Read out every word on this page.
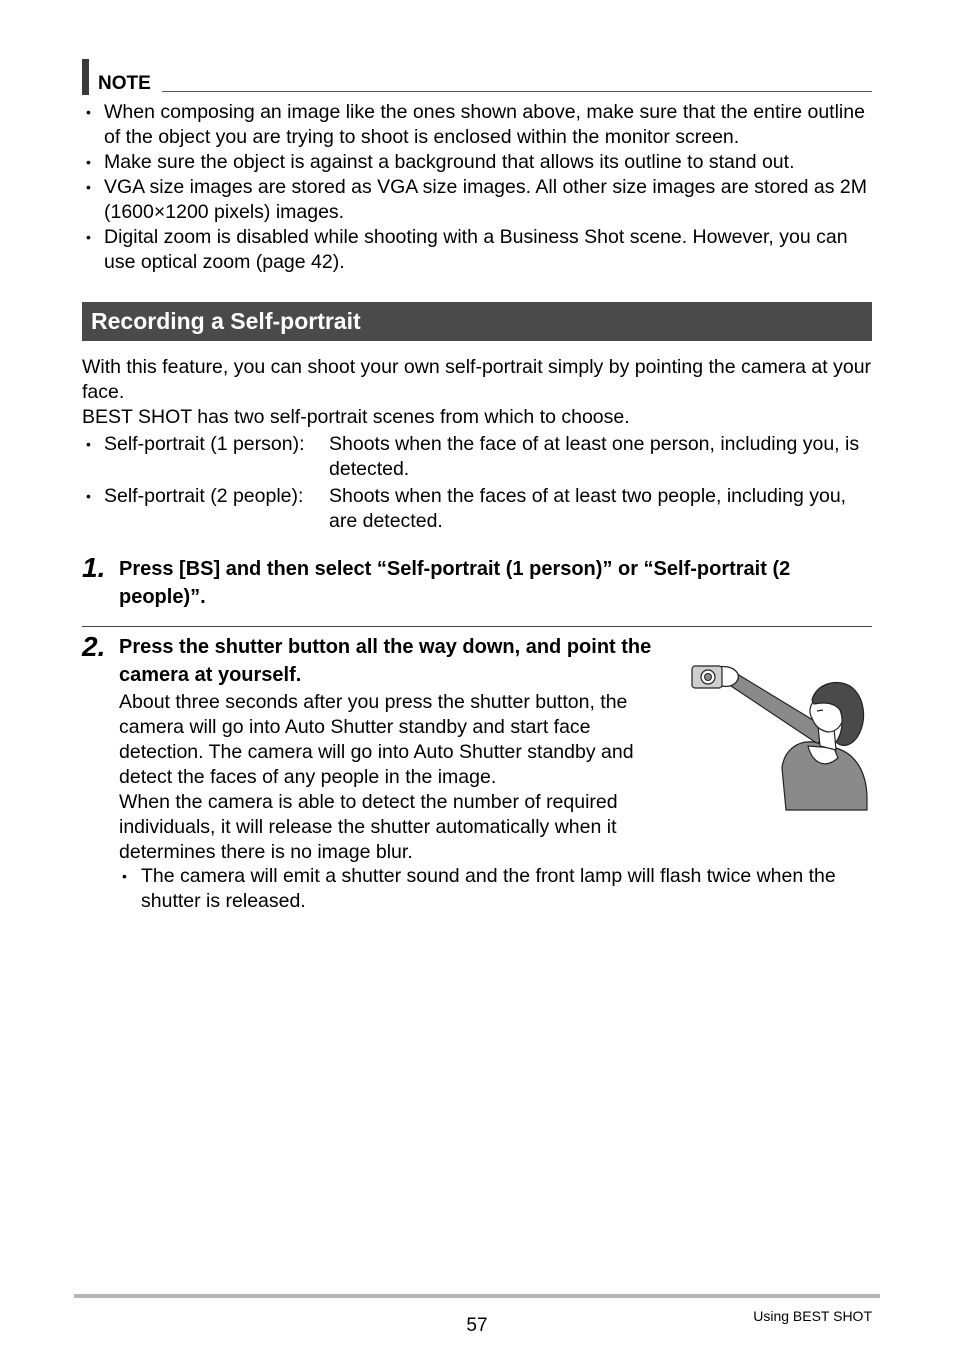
NOTE
• When composing an image like the ones shown above, make sure that the entire outline of the object you are trying to shoot is enclosed within the monitor screen.
• Make sure the object is against a background that allows its outline to stand out.
• VGA size images are stored as VGA size images. All other size images are stored as 2M (1600×1200 pixels) images.
• Digital zoom is disabled while shooting with a Business Shot scene. However, you can use optical zoom (page 42).
Recording a Self-portrait
With this feature, you can shoot your own self-portrait simply by pointing the camera at your face.
BEST SHOT has two self-portrait scenes from which to choose.
• Self-portrait (1 person):	Shoots when the face of at least one person, including you, is detected.
• Self-portrait (2 people):	Shoots when the faces of at least two people, including you, are detected.
1. Press [BS] and then select “Self-portrait (1 person)” or “Self-portrait (2 people)”.
2. Press the shutter button all the way down, and point the camera at yourself.

About three seconds after you press the shutter button, the camera will go into Auto Shutter standby and start face detection. The camera will go into Auto Shutter standby and detect the faces of any people in the image.

When the camera is able to detect the number of required individuals, it will release the shutter automatically when it determines there is no image blur.

• The camera will emit a shutter sound and the front lamp will flash twice when the shutter is released.
57	Using BEST SHOT
